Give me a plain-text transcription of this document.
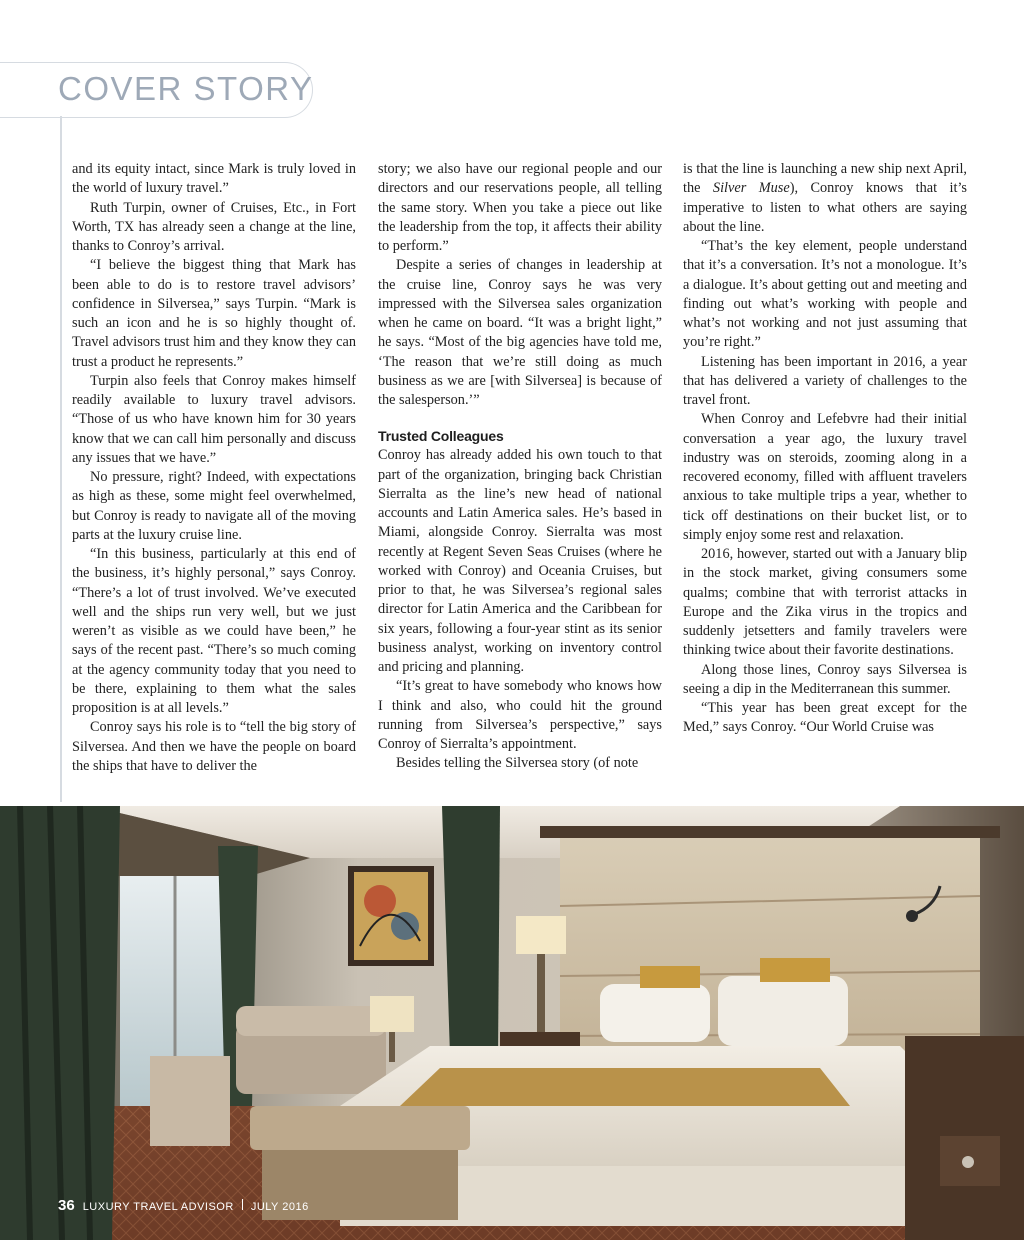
COVER STORY

and its equity intact, since Mark is truly loved in the world of luxury travel.”

Ruth Turpin, owner of Cruises, Etc., in Fort Worth, TX has already seen a change at the line, thanks to Conroy’s arrival.

“I believe the biggest thing that Mark has been able to do is to restore travel advisors’ confidence in Silversea,” says Turpin. “Mark is such an icon and he is so highly thought of. Travel advisors trust him and they know they can trust a product he represents.”

Turpin also feels that Conroy makes himself readily available to luxury travel advisors. “Those of us who have known him for 30 years know that we can call him personally and discuss any issues that we have.”

No pressure, right? Indeed, with expectations as high as these, some might feel overwhelmed, but Conroy is ready to navigate all of the moving parts at the luxury cruise line.

“In this business, particularly at this end of the business, it’s highly personal,” says Conroy. “There’s a lot of trust involved. We’ve executed well and the ships run very well, but we just weren’t as visible as we could have been,” he says of the recent past. “There’s so much coming at the agency community today that you need to be there, explaining to them what the sales proposition is at all levels.”

Conroy says his role is to “tell the big story of Silversea. And then we have the people on board the ships that have to deliver the

story; we also have our regional people and our directors and our reservations people, all telling the same story. When you take a piece out like the leadership from the top, it affects their ability to perform.”

Despite a series of changes in leadership at the cruise line, Conroy says he was very impressed with the Silversea sales organization when he came on board. “It was a bright light,” he says. “Most of the big agencies have told me, ‘The reason that we’re still doing as much business as we are [with Silversea] is because of the salesperson.’”

Trusted Colleagues

Conroy has already added his own touch to that part of the organization, bringing back Christian Sierralta as the line’s new head of national accounts and Latin America sales. He’s based in Miami, alongside Conroy. Sierralta was most recently at Regent Seven Seas Cruises (where he worked with Conroy) and Oceania Cruises, but prior to that, he was Silversea’s regional sales director for Latin America and the Caribbean for six years, following a four-year stint as its senior business analyst, working on inventory control and pricing and planning.

“It’s great to have somebody who knows how I think and also, who could hit the ground running from Silversea’s perspective,” says Conroy of Sierralta’s appointment.

Besides telling the Silversea story (of note

is that the line is launching a new ship next April, the Silver Muse), Conroy knows that it’s imperative to listen to what others are saying about the line.

“That’s the key element, people understand that it’s a conversation. It’s not a monologue. It’s a dialogue. It’s about getting out and meeting and finding out what’s working with people and what’s not working and not just assuming that you’re right.”

Listening has been important in 2016, a year that has delivered a variety of challenges to the travel front.

When Conroy and Lefebvre had their initial conversation a year ago, the luxury travel industry was on steroids, zooming along in a recovered economy, filled with affluent travelers anxious to take multiple trips a year, whether to tick off destinations on their bucket list, or to simply enjoy some rest and relaxation.

2016, however, started out with a January blip in the stock market, giving consumers some qualms; combine that with terrorist attacks in Europe and the Zika virus in the tropics and suddenly jetsetters and family travelers were thinking twice about their favorite destinations.

Along those lines, Conroy says Silversea is seeing a dip in the Mediterranean this summer.

“This year has been great except for the Med,” says Conroy. “Our World Cruise was

36 LUXURY TRAVEL ADVISOR JULY 2016
